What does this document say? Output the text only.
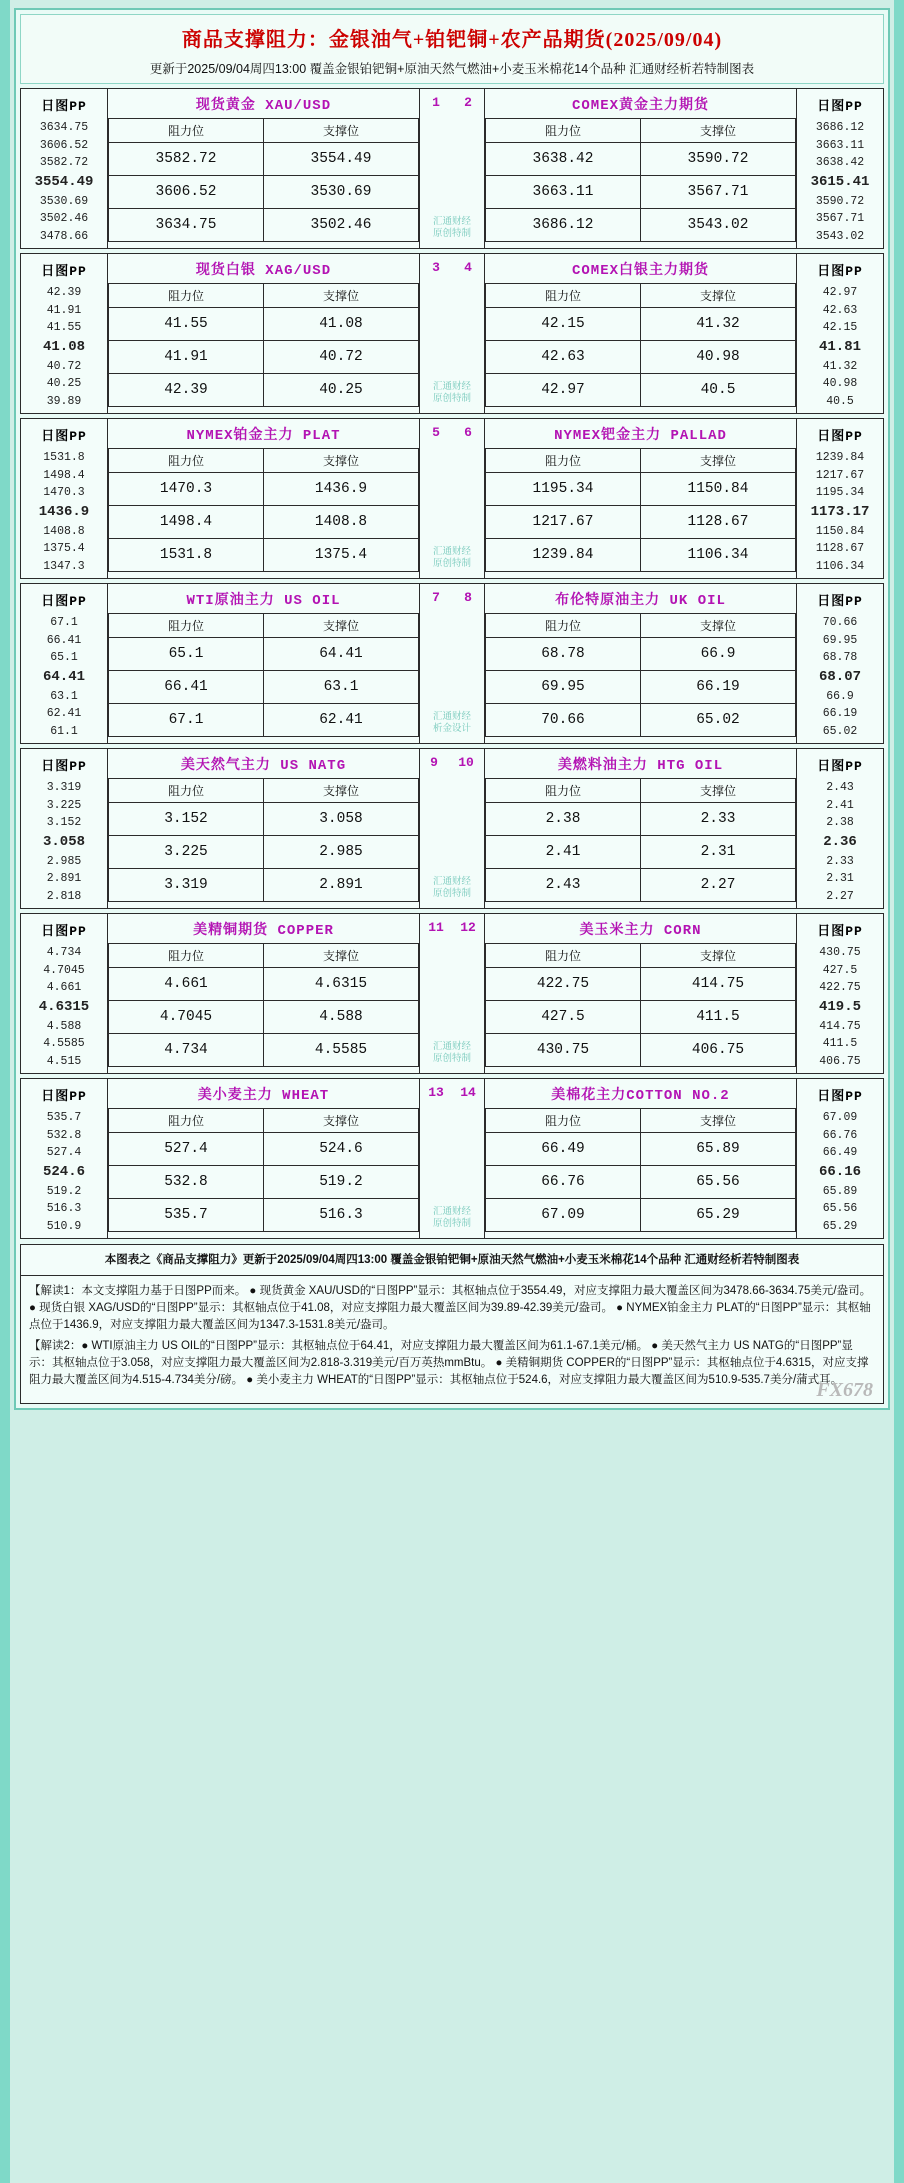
商品支撑阻力：金银油气+铂钯铜+农产品期货(2025/09/04)
更新于2025/09/04周四13:00 覆盖金银铂钯铜+原油天然气燃油+小麦玉米棉花14个品种 汇通财经析若特制图表
日图PP
3634.75
3606.52
3582.72
3554.49
3530.69
3502.46
3478.66
现货黄金 XAU/USD
阻力位	支撑位
3582.72	3554.49
3606.52	3530.69
3634.75	3502.46
1 2
汇通财经
原创特制
COMEX黄金主力期货
阻力位	支撑位
3638.42	3590.72
3663.11	3567.71
3686.12	3543.02
日图PP
3686.12
3663.11
3638.42
3615.41
3590.72
3567.71
3543.02
日图PP
42.39
41.91
41.55
41.08
40.72
40.25
39.89
现货白银 XAG/USD
阻力位	支撑位
41.55	41.08
41.91	40.72
42.39	40.25
3 4
汇通财经
原创特制
COMEX白银主力期货
阻力位	支撑位
42.15	41.32
42.63	40.98
42.97	40.5
日图PP
42.97
42.63
42.15
41.81
41.32
40.98
40.5
日图PP
1531.8
1498.4
1470.3
1436.9
1408.8
1375.4
1347.3
NYMEX铂金主力 PLAT
阻力位	支撑位
1470.3	1436.9
1498.4	1408.8
1531.8	1375.4
5 6
汇通财经
原创特制
NYMEX钯金主力 PALLAD
阻力位	支撑位
1195.34	1150.84
1217.67	1128.67
1239.84	1106.34
日图PP
1239.84
1217.67
1195.34
1173.17
1150.84
1128.67
1106.34
日图PP
67.1
66.41
65.1
64.41
63.1
62.41
61.1
WTI原油主力 US OIL
阻力位	支撑位
65.1	64.41
66.41	63.1
67.1	62.41
7 8
汇通财经
析金设计
布伦特原油主力 UK OIL
阻力位	支撑位
68.78	66.9
69.95	66.19
70.66	65.02
日图PP
70.66
69.95
68.78
68.07
66.9
66.19
65.02
日图PP
3.319
3.225
3.152
3.058
2.985
2.891
2.818
美天然气主力 US NATG
阻力位	支撑位
3.152	3.058
3.225	2.985
3.319	2.891
9 10
汇通财经
原创特制
美燃料油主力 HTG OIL
阻力位	支撑位
2.38	2.33
2.41	2.31
2.43	2.27
日图PP
2.43
2.41
2.38
2.36
2.33
2.31
2.27
日图PP
4.734
4.7045
4.661
4.6315
4.588
4.5585
4.515
美精铜期货 COPPER
阻力位	支撑位
4.661	4.6315
4.7045	4.588
4.734	4.5585
11 12
汇通财经
原创特制
美玉米主力 CORN
阻力位	支撑位
422.75	414.75
427.5	411.5
430.75	406.75
日图PP
430.75
427.5
422.75
419.5
414.75
411.5
406.75
日图PP
535.7
532.8
527.4
524.6
519.2
516.3
510.9
美小麦主力 WHEAT
阻力位	支撑位
527.4	524.6
532.8	519.2
535.7	516.3
13 14
汇通财经
原创特制
美棉花主力COTTON NO.2
阻力位	支撑位
66.49	65.89
66.76	65.56
67.09	65.29
日图PP
67.09
66.76
66.49
66.16
65.89
65.56
65.29
本图表之《商品支撑阻力》更新于2025/09/04周四13:00 覆盖金银铂钯铜+原油天然气燃油+小麦玉米棉花14个品种 汇通财经析若特制图表

【解读1：本文支撑阻力基于日图PP而来。 ● 现货黄金 XAU/USD的“日图PP”显示：其枢轴点位于3554.49，对应支撑阻力最大覆盖区间为3478.66-3634.75美元/盎司。 ● 现货白银 XAG/USD的“日图PP”显示：其枢轴点位于41.08，对应支撑阻力最大覆盖区间为39.89-42.39美元/盎司。 ● NYMEX铂金主力 PLAT的“日图PP”显示：其枢轴点位于1436.9，对应支撑阻力最大覆盖区间为1347.3-1531.8美元/盎司。

【解读2：● WTI原油主力 US OIL的“日图PP”显示：其枢轴点位于64.41，对应支撑阻力最大覆盖区间为61.1-67.1美元/桶。 ● 美天然气主力 US NATG的“日图PP”显示：其枢轴点位于3.058，对应支撑阻力最大覆盖区间为2.818-3.319美元/百万英热mmBtu。 ● 美精铜期货 COPPER的“日图PP”显示：其枢轴点位于4.6315，对应支撑阻力最大覆盖区间为4.515-4.734美分/磅。 ● 美小麦主力 WHEAT的“日图PP”显示：其枢轴点位于524.6，对应支撑阻力最大覆盖区间为510.9-535.7美分/蒲式耳。

FX678
